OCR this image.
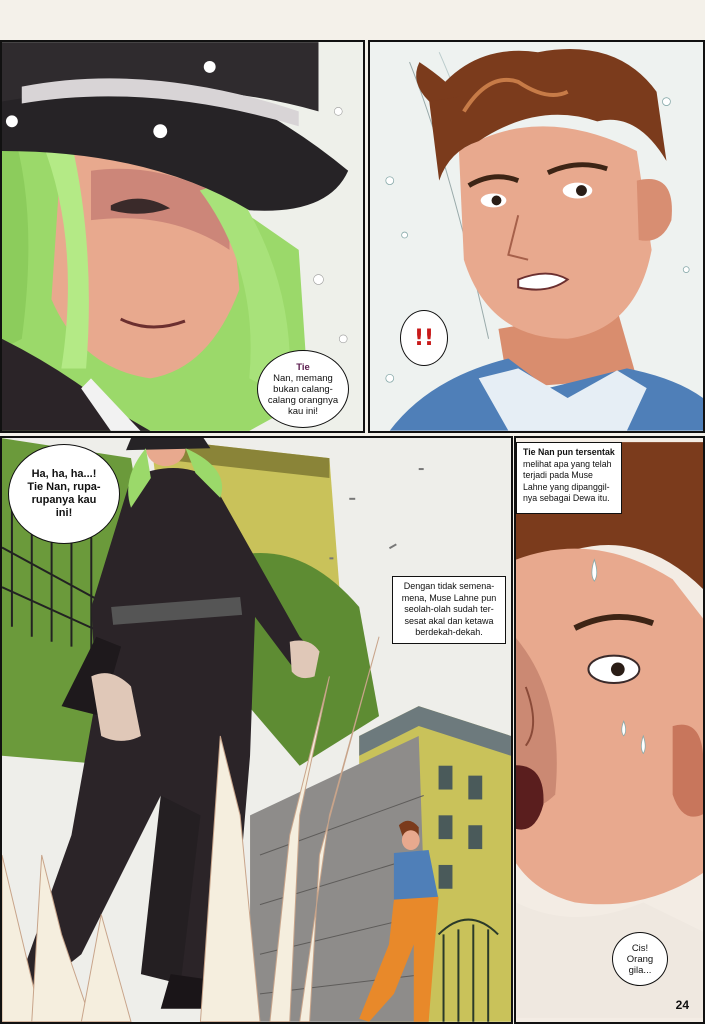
Tie
Nan, memang
bukan calang-
calang orangnya
kau ini!
!!
Ha, ha, ha...!
Tie Nan, rupa-
rupanya kau
ini!
Dengan tidak semena-
mena, Muse Lahne pun
seolah-olah sudah ter-
sesat akal dan ketawa
berdekah-dekah.
Tie Nan pun tersentak
melihat apa yang telah
terjadi pada Muse
Lahne yang dipanggil-
nya sebagai Dewa itu.
Cis!
Orang
gila...
24
